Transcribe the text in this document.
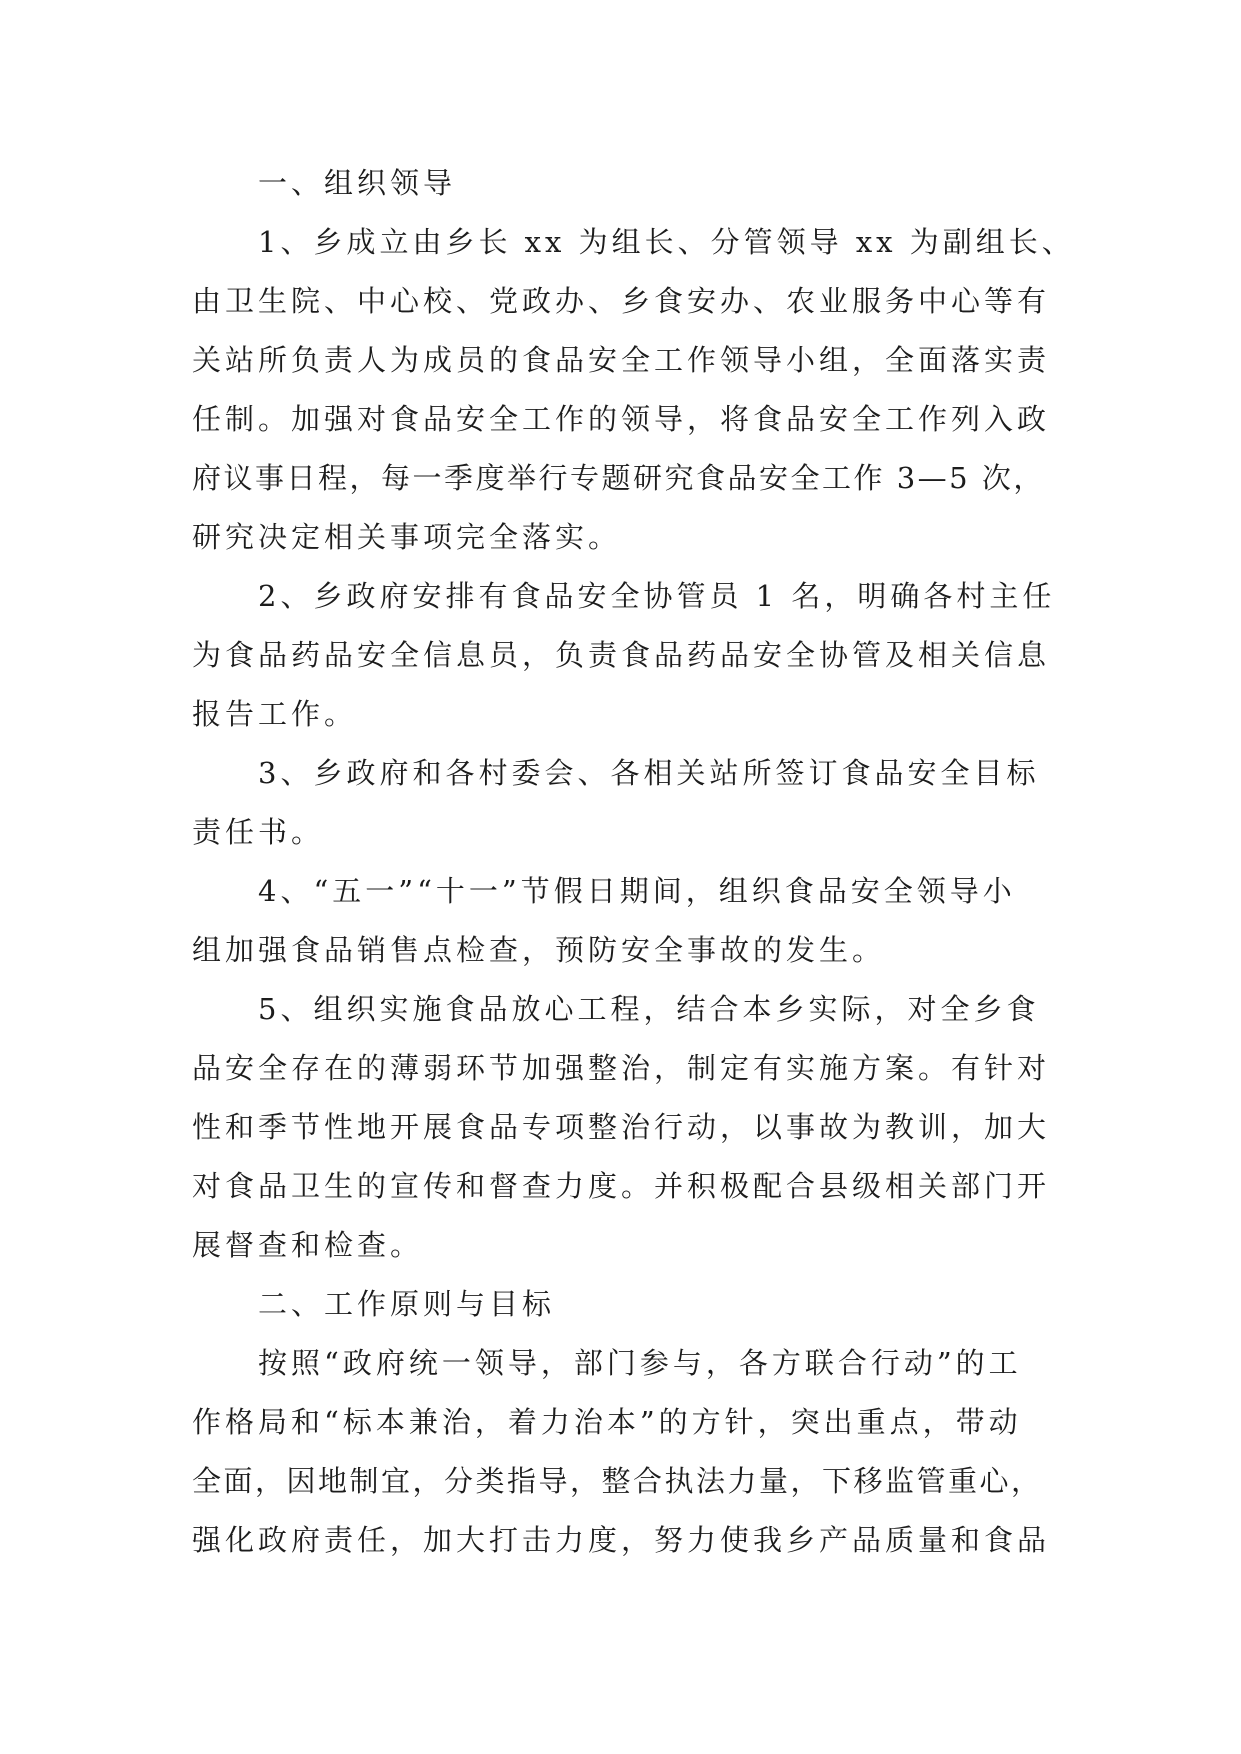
一、组织领导

1、乡成立由乡长 xx 为组长、分管领导 xx 为副组长、
由卫生院、中心校、党政办、乡食安办、农业服务中心等有
关站所负责人为成员的食品安全工作领导小组，全面落实责
任制。加强对食品安全工作的领导，将食品安全工作列入政
府议事日程，每一季度举行专题研究食品安全工作 3—5 次，
研究决定相关事项完全落实。

2、乡政府安排有食品安全协管员 1 名，明确各村主任
为食品药品安全信息员，负责食品药品安全协管及相关信息
报告工作。

3、乡政府和各村委会、各相关站所签订食品安全目标
责任书。

4、“五一”“十一”节假日期间，组织食品安全领导小
组加强食品销售点检查，预防安全事故的发生。

5、组织实施食品放心工程，结合本乡实际，对全乡食
品安全存在的薄弱环节加强整治，制定有实施方案。有针对
性和季节性地开展食品专项整治行动，以事故为教训，加大
对食品卫生的宣传和督查力度。并积极配合县级相关部门开
展督查和检查。

二、工作原则与目标

按照“政府统一领导，部门参与，各方联合行动”的工
作格局和“标本兼治，着力治本”的方针，突出重点，带动
全面，因地制宜，分类指导，整合执法力量，下移监管重心，
强化政府责任，加大打击力度，努力使我乡产品质量和食品
